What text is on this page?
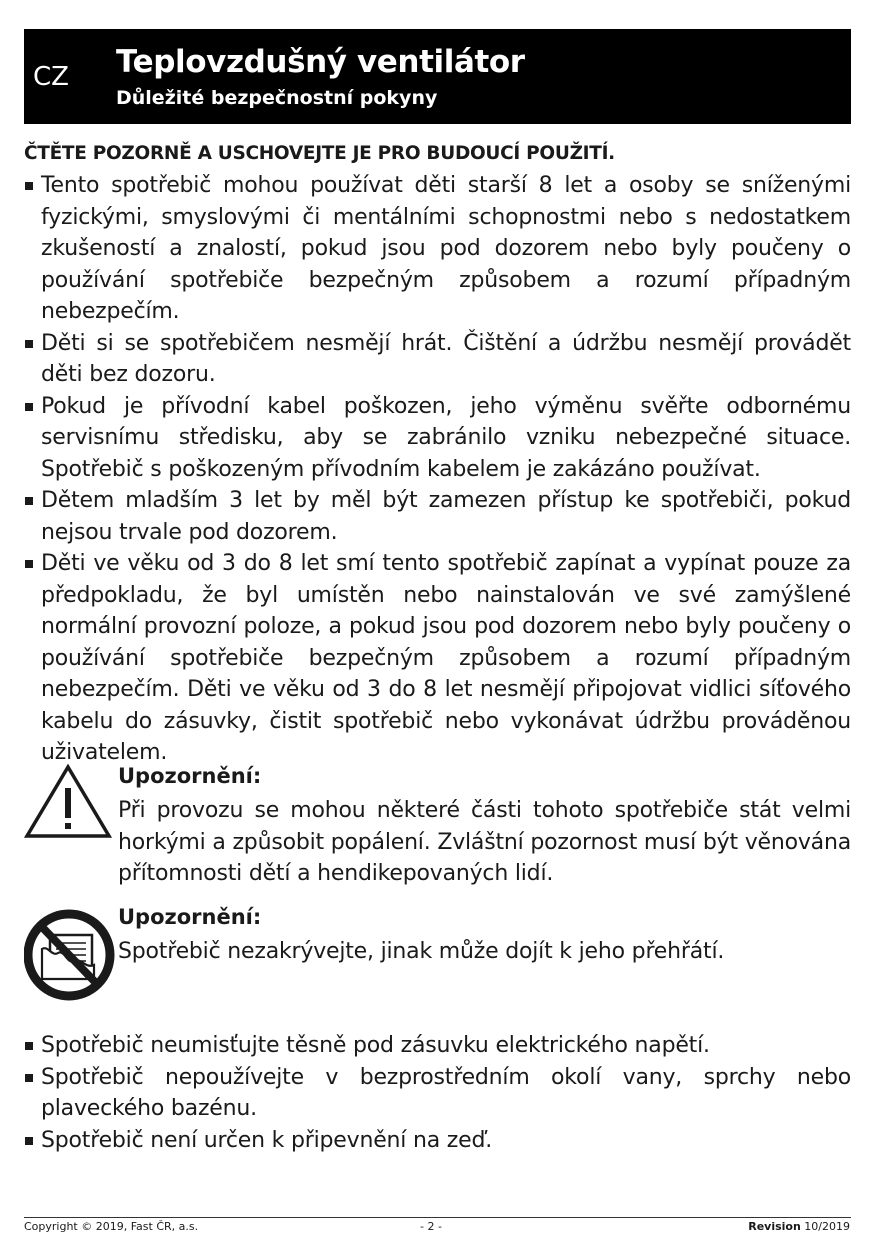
CZ Teplovzdušný ventilátor
Důležité bezpečnostní pokyny
ČTĚTE POZORNĚ A USCHOVEJTE JE PRO BUDOUCÍ POUŽITÍ.
Tento spotřebič mohou používat děti starší 8 let a osoby se sníženými fyzickými, smyslovými či mentálními schopnostmi nebo s nedostatkem zkušeností a znalostí, pokud jsou pod dozorem nebo byly poučeny o používání spotřebiče bezpečným způsobem a rozumí případným nebezpečím.
Děti si se spotřebičem nesmějí hrát. Čištění a údržbu nesmějí provádět děti bez dozoru.
Pokud je přívodní kabel poškozen, jeho výměnu svěřte odbornému servisnímu středisku, aby se zabránilo vzniku nebezpečné situace. Spotřebič s poškozeným přívodním kabelem je zakázáno používat.
Dětem mladším 3 let by měl být zamezen přístup ke spotřebiči, pokud nejsou trvale pod dozorem.
Děti ve věku od 3 do 8 let smí tento spotřebič zapínat a vypínat pouze za předpokladu, že byl umístěn nebo nainstalován ve své zamýšlené normální provozní poloze, a pokud jsou pod dozorem nebo byly poučeny o používání spotřebiče bezpečným způsobem a rozumí případným nebezpečím. Děti ve věku od 3 do 8 let nesmějí připojovat vidlici síťového kabelu do zásuvky, čistit spotřebič nebo vykonávat údržbu prováděnou uživatelem.
Upozornění:
Při provozu se mohou některé části tohoto spotřebiče stát velmi horkými a způsobit popálení. Zvláštní pozornost musí být věnována přítomnosti dětí a hendikepovaných lidí.
Upozornění:
Spotřebič nezakrývejte, jinak může dojít k jeho přehřátí.
Spotřebič neumisťujte těsně pod zásuvku elektrického napětí.
Spotřebič nepoužívejte v bezprostředním okolí vany, sprchy nebo plaveckého bazénu.
Spotřebič není určen k připevnění na zeď.
Copyright © 2019, Fast ČR, a.s.	- 2 -	Revision 10/2019
